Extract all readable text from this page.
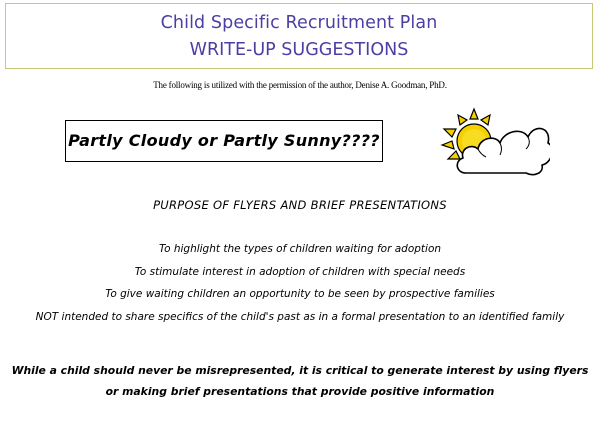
Child Specific Recruitment Plan
WRITE-UP SUGGESTIONS
The following is utilized with the permission of the author, Denise A. Goodman, PhD.
Partly Cloudy or Partly Sunny????
PURPOSE OF FLYERS AND BRIEF PRESENTATIONS
To highlight the types of children waiting for adoption
To stimulate interest in adoption of children with special needs
To give waiting children an opportunity to be seen by prospective families
NOT intended to share specifics of the child's past as in a formal presentation to an identified family
While a child should never be misrepresented, it is critical to generate interest by using flyers
or making brief presentations that provide positive information
